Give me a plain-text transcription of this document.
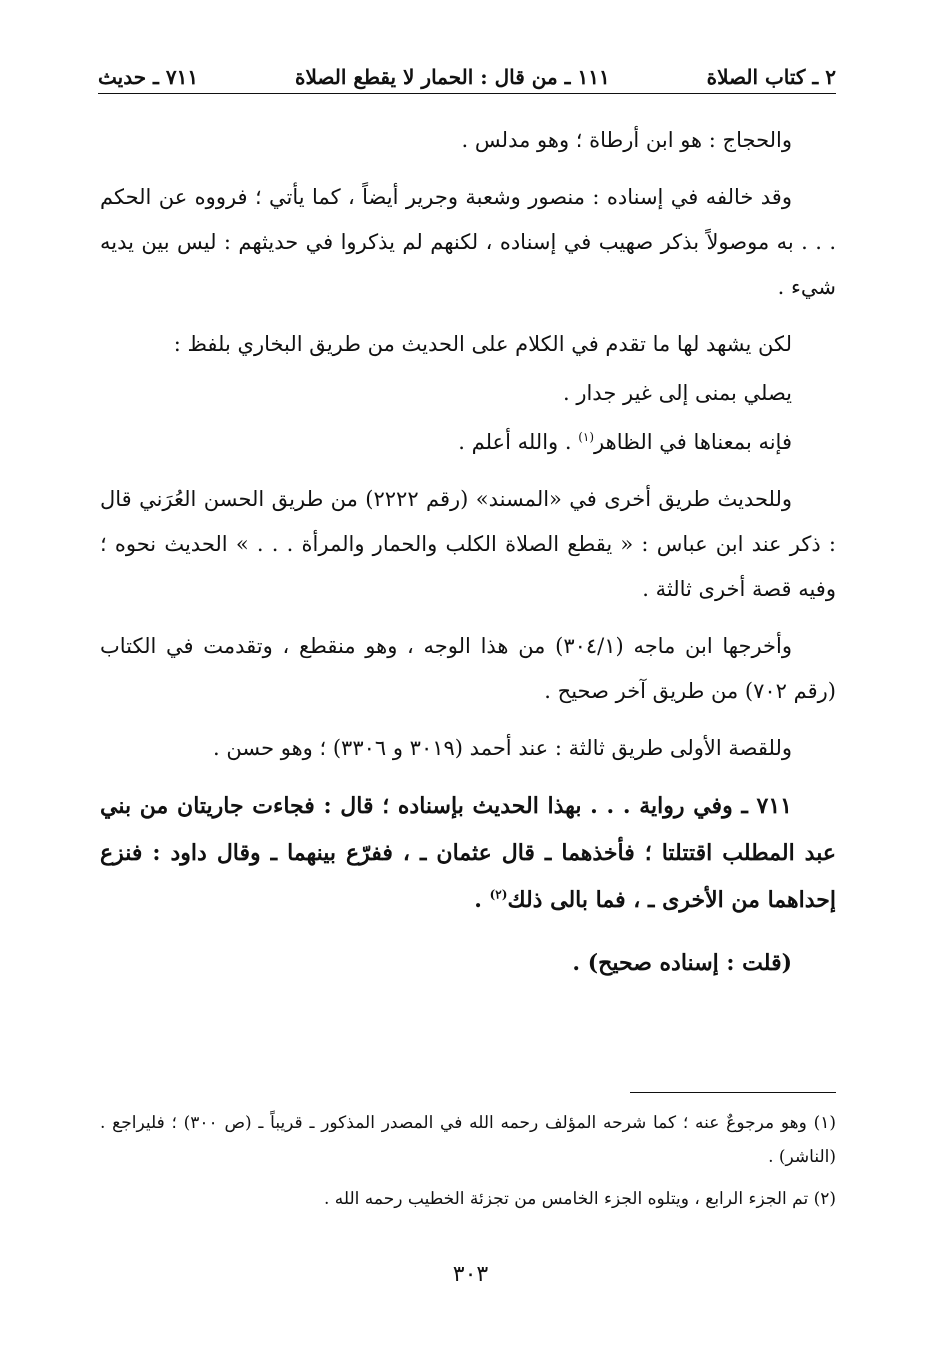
٢ ـ كتاب الصلاة
١١١ ـ من قال : الحمار لا يقطع الصلاة
٧١١ ـ حديث

والحجاج : هو ابن أرطاة ؛ وهو مدلس .

وقد خالفه في إسناده : منصور وشعبة وجرير أيضاً ، كما يأتي ؛ فرووه عن الحكم . . . به موصولاً بذكر صهيب في إسناده ، لكنهم لم يذكروا في حديثهم : ليس بين يديه شيء .

لكن يشهد لها ما تقدم في الكلام على الحديث من طريق البخاري بلفظ :

يصلي بمنى إلى غير جدار .

فإنه بمعناها في الظاهر$^{(١)}$ . والله أعلم .

وللحديث طريق أخرى في «المسند» (رقم ٢٢٢٢) من طريق الحسن العُرَني قال : ذكر عند ابن عباس : « يقطع الصلاة الكلب والحمار والمرأة . . . » الحديث نحوه ؛ وفيه قصة أخرى ثالثة .

وأخرجها ابن ماجه (٣٠٤/١) من هذا الوجه ، وهو منقطع ، وتقدمت في الكتاب (رقم ٧٠٢) من طريق آخر صحيح .

وللقصة الأولى طريق ثالثة : عند أحمد (٣٠١٩ و ٣٣٠٦) ؛ وهو حسن .

٧١١ ـ وفي رواية . . . بهذا الحديث بإسناده ؛ قال : فجاءت جاريتان من بني عبد المطلب اقتتلتا ؛ فأخذهما ـ قال عثمان ـ ، ففرّع بينهما ـ وقال داود : فنزع إحداهما من الأخرى ـ ، فما بالى ذلك$^{(٢)}$ .

(قلت : إسناده صحيح) .

(١) وهو مرجوعٌ عنه ؛ كما شرحه المؤلف رحمه الله في المصدر المذكور ـ قريباً ـ (ص ٣٠٠) ؛ فليراجع . (الناشر) .

(٢) تم الجزء الرابع ، ويتلوه الجزء الخامس من تجزئة الخطيب رحمه الله .

٣٠٣
